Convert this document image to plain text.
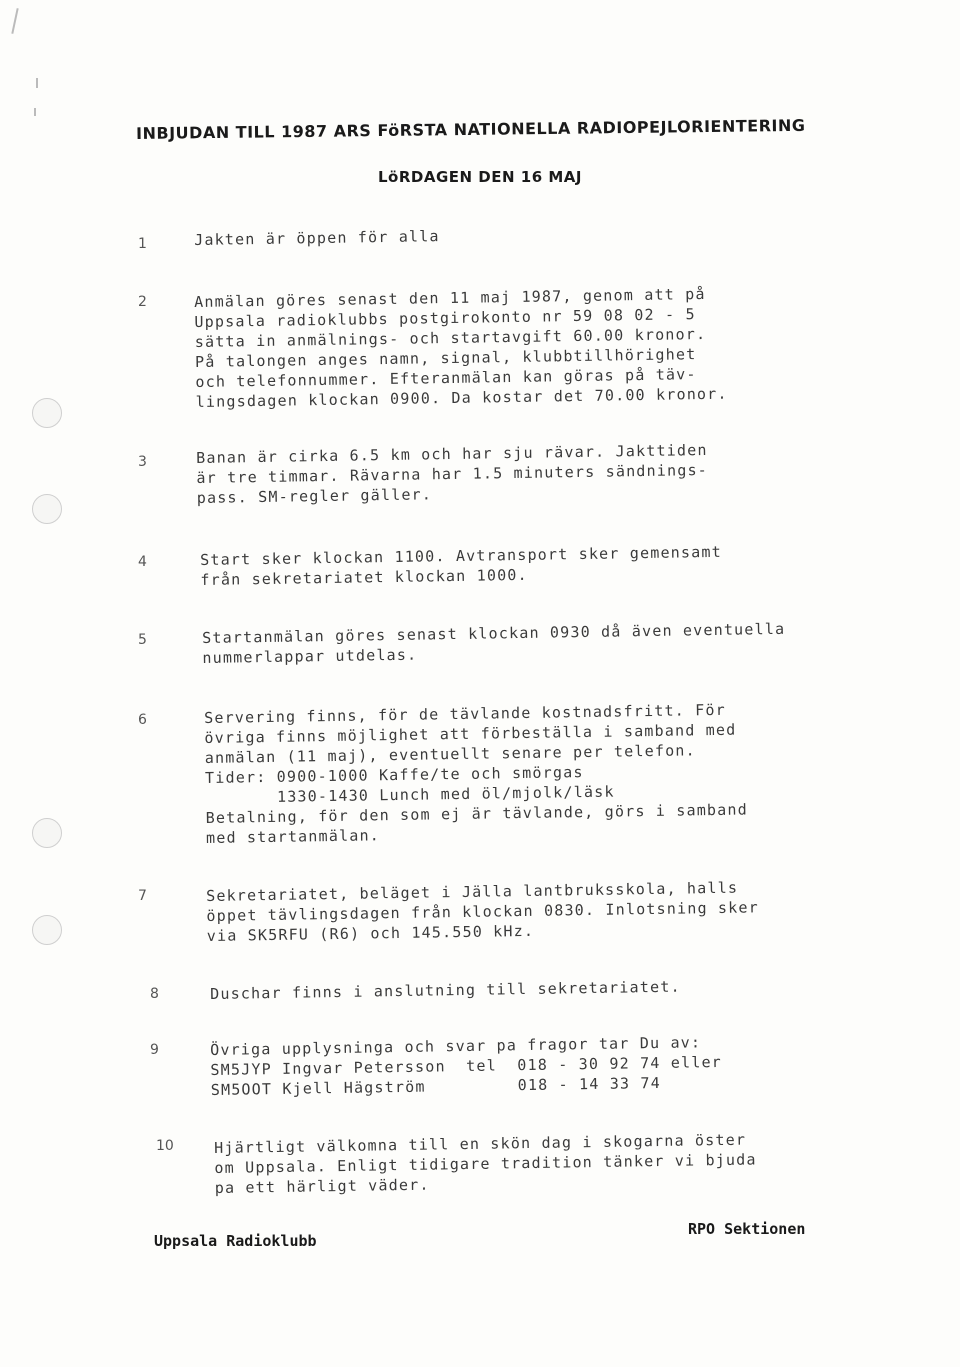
INBJUDAN TILL 1987 ARS FöRSTA NATIONELLA RADIOPEJLORIENTERING
LöRDAGEN DEN 16 MAJ
1	Jakten är öppen för alla
2	Anmälan göres senast den 11 maj 1987, genom att på
Uppsala radioklubbs postgirokonto nr 59 08 02 - 5
sätta in anmälnings- och startavgift 60.00 kronor.
På talongen anges namn, signal, klubbtillhörighet
och telefonnummer. Efteranmälan kan göras på täv-
lingsdagen klockan 0900. Da kostar det 70.00 kronor.
3	Banan är cirka 6.5 km och har sju rävar. Jakttiden
är tre timmar. Rävarna har 1.5 minuters sändnings-
pass. SM-regler gäller.
4	Start sker klockan 1100. Avtransport sker gemensamt
från sekretariatet klockan 1000.
5	Startanmälan göres senast klockan 0930 då även eventuella
nummerlappar utdelas.
6	Servering finns, för de tävlande kostnadsfritt. För
övriga finns möjlighet att förbeställa i samband med
anmälan (11 maj), eventuellt senare per telefon.
Tider: 0900-1000 Kaffe/te och smörgas
1330-1430 Lunch med öl/mjolk/läsk
Betalning, för den som ej är tävlande, görs i samband
med startanmälan.
7	Sekretariatet, beläget i Jälla lantbruksskola, halls
öppet tävlingsdagen från klockan 0830. Inlotsning sker
via SK5RFU (R6) och 145.550 kHz.
8	Duschar finns i anslutning till sekretariatet.
9	Övriga upplysninga och svar pa fragor tar Du av:
SM5JYP Ingvar Petersson  tel  018 - 30 92 74 eller
SM5OOT Kjell Hägström         018 - 14 33 74
10	Hjärtligt välkomna till en skön dag i skogarna öster
om Uppsala. Enligt tidigare tradition tänker vi bjuda
pa ett härligt väder.
Uppsala Radioklubb
RPO Sektionen
